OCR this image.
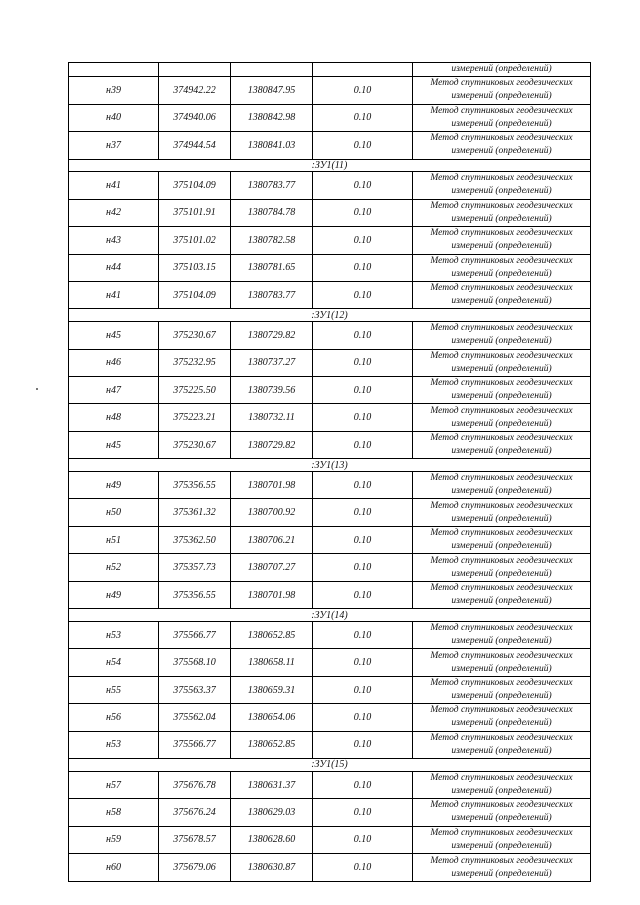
				измерений (определений)
н39	374942.22	1380847.95	0.10	Метод спутниковых геодезических измерений (определений)
н40	374940.06	1380842.98	0.10	Метод спутниковых геодезических измерений (определений)
н37	374944.54	1380841.03	0.10	Метод спутниковых геодезических измерений (определений)
:ЗУ1(11)				
н41	375104.09	1380783.77	0.10	Метод спутниковых геодезических измерений (определений)
н42	375101.91	1380784.78	0.10	Метод спутниковых геодезических измерений (определений)
н43	375101.02	1380782.58	0.10	Метод спутниковых геодезических измерений (определений)
н44	375103.15	1380781.65	0.10	Метод спутниковых геодезических измерений (определений)
н41	375104.09	1380783.77	0.10	Метод спутниковых геодезических измерений (определений)
:ЗУ1(12)				
н45	375230.67	1380729.82	0.10	Метод спутниковых геодезических измерений (определений)
н46	375232.95	1380737.27	0.10	Метод спутниковых геодезических измерений (определений)
н47	375225.50	1380739.56	0.10	Метод спутниковых геодезических измерений (определений)
н48	375223.21	1380732.11	0.10	Метод спутниковых геодезических измерений (определений)
н45	375230.67	1380729.82	0.10	Метод спутниковых геодезических измерений (определений)
:ЗУ1(13)				
н49	375356.55	1380701.98	0.10	Метод спутниковых геодезических измерений (определений)
н50	375361.32	1380700.92	0.10	Метод спутниковых геодезических измерений (определений)
н51	375362.50	1380706.21	0.10	Метод спутниковых геодезических измерений (определений)
н52	375357.73	1380707.27	0.10	Метод спутниковых геодезических измерений (определений)
н49	375356.55	1380701.98	0.10	Метод спутниковых геодезических измерений (определений)
:ЗУ1(14)				
н53	375566.77	1380652.85	0.10	Метод спутниковых геодезических измерений (определений)
н54	375568.10	1380658.11	0.10	Метод спутниковых геодезических измерений (определений)
н55	375563.37	1380659.31	0.10	Метод спутниковых геодезических измерений (определений)
н56	375562.04	1380654.06	0.10	Метод спутниковых геодезических измерений (определений)
н53	375566.77	1380652.85	0.10	Метод спутниковых геодезических измерений (определений)
:ЗУ1(15)				
н57	375676.78	1380631.37	0.10	Метод спутниковых геодезических измерений (определений)
н58	375676.24	1380629.03	0.10	Метод спутниковых геодезических измерений (определений)
н59	375678.57	1380628.60	0.10	Метод спутниковых геодезических измерений (определений)
н60	375679.06	1380630.87	0.10	Метод спутниковых геодезических измерений (определений)
